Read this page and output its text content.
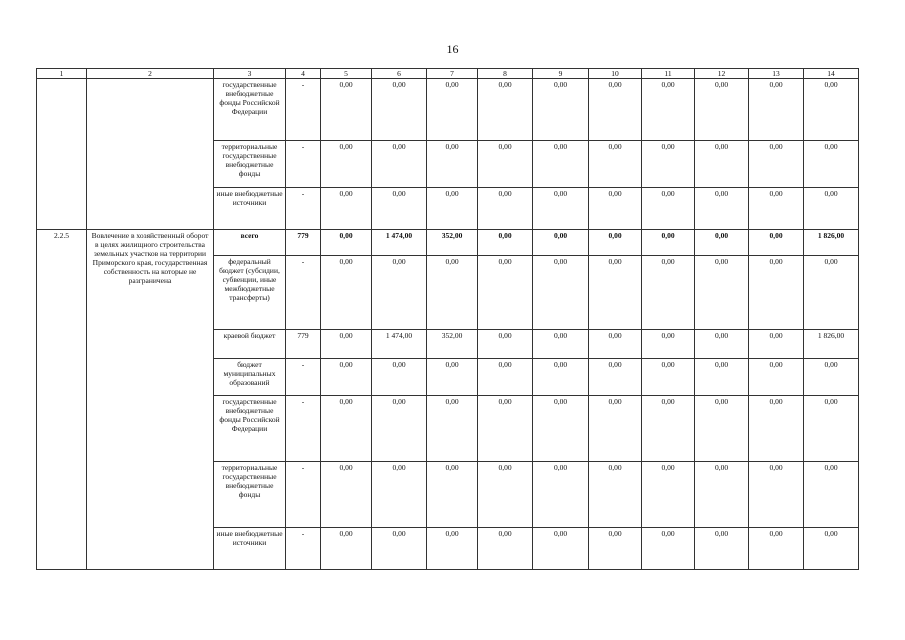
16
1	2	3	4	5	6	7	8	9	10	11	12	13	14
		государственные внебюджетные фонды Российской Федерации	-	0,00	0,00	0,00	0,00	0,00	0,00	0,00	0,00	0,00	0,00
		территориальные государственные внебюджетные фонды	-	0,00	0,00	0,00	0,00	0,00	0,00	0,00	0,00	0,00	0,00
		иные внебюджетные источники	-	0,00	0,00	0,00	0,00	0,00	0,00	0,00	0,00	0,00	0,00
2.2.5	Вовлечение в хозяйственный оборот в целях жилищного строительства земельных участков на территории Приморского края, государственная собственность на которые не разграничена	всего	779	0,00	1 474,00	352,00	0,00	0,00	0,00	0,00	0,00	0,00	1 826,00
		федеральный бюджет (субсидии, субвенции, иные межбюджетные трансферты)	-	0,00	0,00	0,00	0,00	0,00	0,00	0,00	0,00	0,00	0,00
		краевой бюджет	779	0,00	1 474,00	352,00	0,00	0,00	0,00	0,00	0,00	0,00	1 826,00
		бюджет муниципальных образований	-	0,00	0,00	0,00	0,00	0,00	0,00	0,00	0,00	0,00	0,00
		государственные внебюджетные фонды Российской Федерации	-	0,00	0,00	0,00	0,00	0,00	0,00	0,00	0,00	0,00	0,00
		территориальные государственные внебюджетные фонды	-	0,00	0,00	0,00	0,00	0,00	0,00	0,00	0,00	0,00	0,00
		иные внебюджетные источники	-	0,00	0,00	0,00	0,00	0,00	0,00	0,00	0,00	0,00	0,00
